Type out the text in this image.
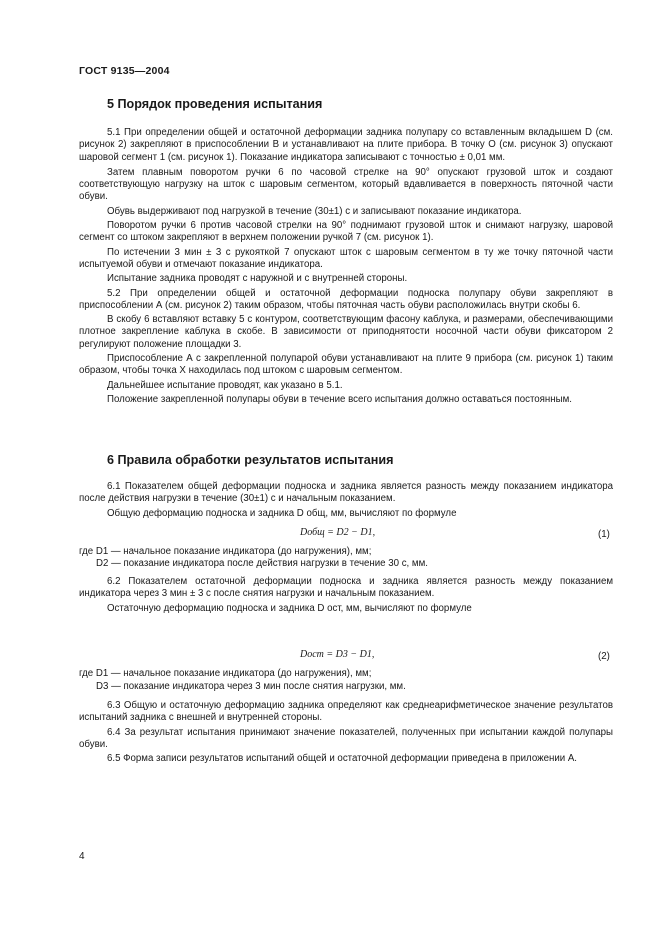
ГОСТ 9135—2004
5 Порядок проведения испытания

5.1 При определении общей и остаточной деформации задника полупару со вставленным вкладышем D (см. рисунок 2) закрепляют в приспособлении B и устанавливают на плите прибора. В точку O (см. рисунок 3) опускают шаровой сегмент 1 (см. рисунок 1). Показание индикатора записывают с точностью ± 0,01 мм.

Затем плавным поворотом ручки 6 по часовой стрелке на 90° опускают грузовой шток и создают соответствующую нагрузку на шток с шаровым сегментом, который вдавливается в поверхность пяточной части обуви.

Обувь выдерживают под нагрузкой в течение (30±1) с и записывают показание индикатора.

Поворотом ручки 6 против часовой стрелки на 90° поднимают грузовой шток и снимают нагрузку, шаровой сегмент со штоком закрепляют в верхнем положении ручкой 7 (см. рисунок 1).

По истечении 3 мин ± 3 с рукояткой 7 опускают шток с шаровым сегментом в ту же точку пяточной части испытуемой обуви и отмечают показание индикатора.

Испытание задника проводят с наружной и с внутренней стороны.

5.2 При определении общей и остаточной деформации подноска полупару обуви закрепляют в приспособлении А (см. рисунок 2) таким образом, чтобы пяточная часть обуви расположилась внутри скобы 6.

В скобу 6 вставляют вставку 5 с контуром, соответствующим фасону каблука, и размерами, обеспечивающими плотное закрепление каблука в скобе. В зависимости от приподнятости носочной части обуви фиксатором 2 регулируют положение площадки 3.

Приспособление А с закрепленной полупарой обуви устанавливают на плите 9 прибора (см. рисунок 1) таким образом, чтобы точка X находилась под штоком с шаровым сегментом.

Дальнейшее испытание проводят, как указано в 5.1.

Положение закрепленной полупары обуви в течение всего испытания должно оставаться постоянным.

6 Правила обработки результатов испытания

6.1 Показателем общей деформации подноска и задника является разность между показанием индикатора после действия нагрузки в течение (30±1) с и начальным показанием.

Общую деформацию подноска и задника D общ, мм, вычисляют по формуле

Dобщ = D2 − D1,	(1)
где D1 — начальное показание индикатора (до нагружения), мм;
D2 — показание индикатора после действия нагрузки в течение 30 с, мм.

6.2 Показателем остаточной деформации подноска и задника является разность между показанием индикатора через 3 мин ± 3 с после снятия нагрузки и начальным показанием.

Остаточную деформацию подноска и задника D ост, мм, вычисляют по формуле

Dост = D3 − D1,	(2)
где D1 — начальное показание индикатора (до нагружения), мм;
D3 — показание индикатора через 3 мин после снятия нагрузки, мм.

6.3 Общую и остаточную деформацию задника определяют как среднеарифметическое значение результатов испытаний задника с внешней и внутренней стороны.

6.4 За результат испытания принимают значение показателей, полученных при испытании каждой полупары обуви.

6.5 Форма записи результатов испытаний общей и остаточной деформации приведена в приложении А.

4
